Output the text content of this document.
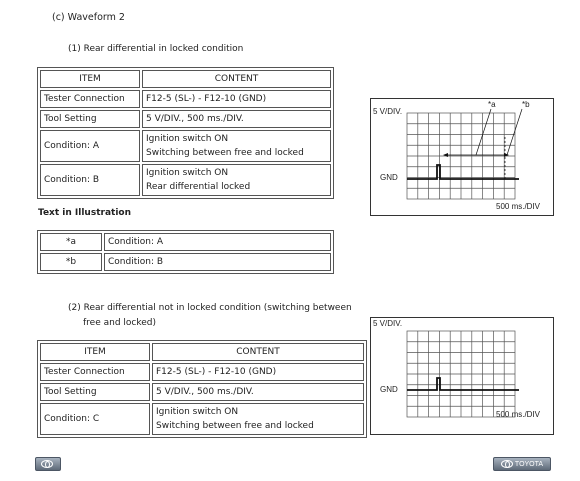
(c) Waveform 2
(1) Rear differential in locked condition
ITEM	CONTENT
Tester Connection	F12-5 (SL-) - F12-10 (GND)
Tool Setting	5 V/DIV., 500 ms./DIV.
Condition: A	Ignition switch ON
Switching between free and locked

Condition: B	Ignition switch ON
Rear differential locked
Text in Illustration
*a	Condition: A
*b	Condition: B
(2) Rear differential not in locked condition (switching between
free and locked)
ITEM	CONTENT
Tester Connection	F12-5 (SL-) - F12-10 (GND)
Tool Setting	5 V/DIV., 500 ms./DIV.
Condition: C	Ignition switch ON
Switching between free and locked
5 V/DIV.
GND
500 ms./DIV
*a	*b
5 V/DIV.
GND
500 ms./DIV
TOYOTA
